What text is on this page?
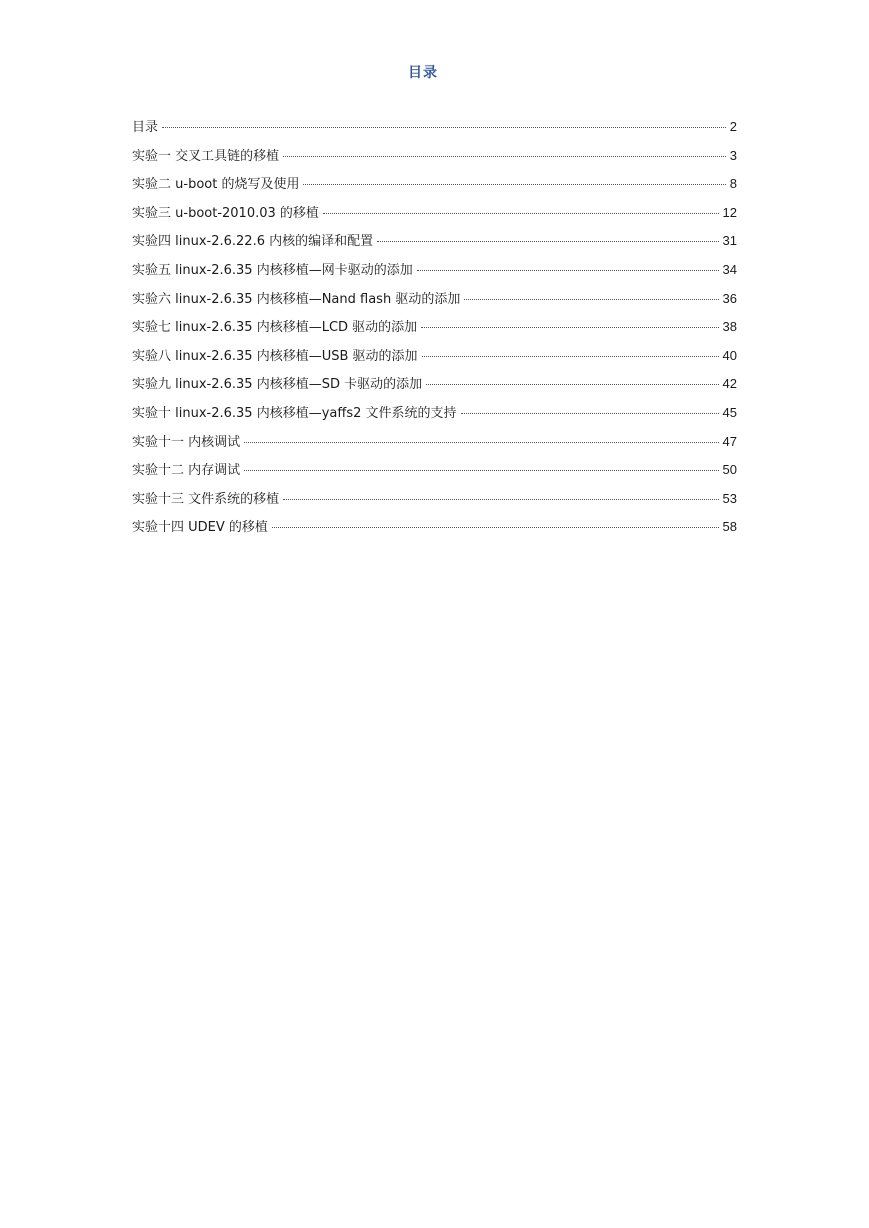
目录
目录	2
实验一 交叉工具链的移植	3
实验二 u-boot 的烧写及使用	8
实验三 u-boot-2010.03 的移植	12
实验四 linux-2.6.22.6 内核的编译和配置	31
实验五 linux-2.6.35 内核移植—网卡驱动的添加	34
实验六 linux-2.6.35 内核移植—Nand flash 驱动的添加	36
实验七 linux-2.6.35 内核移植—LCD 驱动的添加	38
实验八 linux-2.6.35 内核移植—USB 驱动的添加	40
实验九 linux-2.6.35 内核移植—SD 卡驱动的添加	42
实验十 linux-2.6.35 内核移植—yaffs2 文件系统的支持	45
实验十一 内核调试	47
实验十二 内存调试	50
实验十三 文件系统的移植	53
实验十四 UDEV 的移植	58
